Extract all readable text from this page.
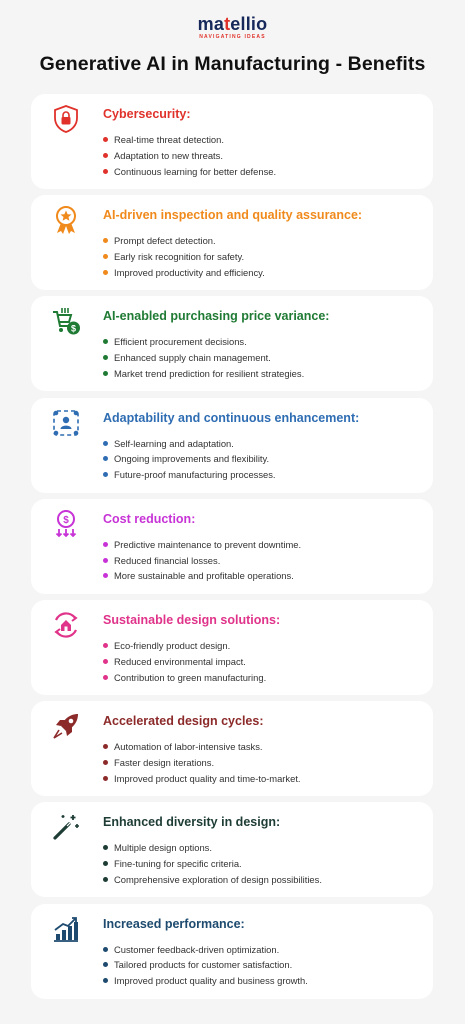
matellio
NAVIGATING IDEAS
Generative AI in Manufacturing - Benefits
Cybersecurity:
Real-time threat detection.
Adaptation to new threats.
Continuous learning for better defense.
AI-driven inspection and quality assurance:
Prompt defect detection.
Early risk recognition for safety.
Improved productivity and efficiency.
$
AI-enabled purchasing price variance:
Efficient procurement decisions.
Enhanced supply chain management.
Market trend prediction for resilient strategies.
Adaptability and continuous enhancement:
Self-learning and adaptation.
Ongoing improvements and flexibility.
Future-proof manufacturing processes.
$	Cost reduction:
Predictive maintenance to prevent downtime.
Reduced financial losses.
More sustainable and profitable operations.
Sustainable design solutions:
Eco-friendly product design.
Reduced environmental impact.
Contribution to green manufacturing.
Accelerated design cycles:
Automation of labor-intensive tasks.
Faster design iterations.
Improved product quality and time-to-market.
Enhanced diversity in design:
Multiple design options.
Fine-tuning for specific criteria.
Comprehensive exploration of design possibilities.
Increased performance:
Customer feedback-driven optimization.
Tailored products for customer satisfaction.
Improved product quality and business growth.
